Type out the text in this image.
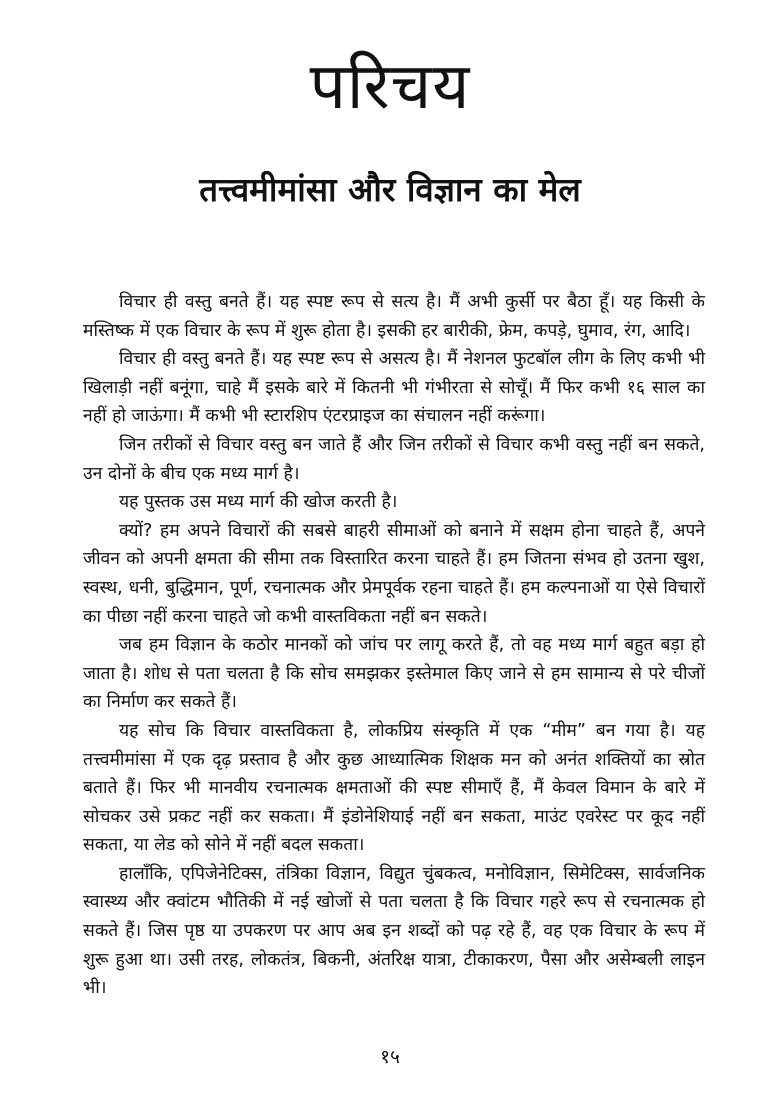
परिचय
तत्त्वमीमांसा और विज्ञान का मेल

विचार ही वस्तु बनते हैं। यह स्पष्ट रूप से सत्य है। मैं अभी कुर्सी पर बैठा हूँ। यह किसी के मस्तिष्क में एक विचार के रूप में शुरू होता है। इसकी हर बारीकी, फ्रेम, कपड़े, घुमाव, रंग, आदि।

विचार ही वस्तु बनते हैं। यह स्पष्ट रूप से असत्य है। मैं नेशनल फुटबॉल लीग के लिए कभी भी खिलाड़ी नहीं बनूंगा, चाहे मैं इसके बारे में कितनी भी गंभीरता से सोचूँ। मैं फिर कभी १६ साल का नहीं हो जाऊंगा। मैं कभी भी स्टारशिप एंटरप्राइज का संचालन नहीं करूंगा।

जिन तरीकों से विचार वस्तु बन जाते हैं और जिन तरीकों से विचार कभी वस्तु नहीं बन सकते, उन दोनों के बीच एक मध्य मार्ग है।

यह पुस्तक उस मध्य मार्ग की खोज करती है।

क्यों? हम अपने विचारों की सबसे बाहरी सीमाओं को बनाने में सक्षम होना चाहते हैं, अपने जीवन को अपनी क्षमता की सीमा तक विस्तारित करना चाहते हैं। हम जितना संभव हो उतना खुश, स्वस्थ, धनी, बुद्धिमान, पूर्ण, रचनात्मक और प्रेमपूर्वक रहना चाहते हैं। हम कल्पनाओं या ऐसे विचारों का पीछा नहीं करना चाहते जो कभी वास्तविकता नहीं बन सकते।

जब हम विज्ञान के कठोर मानकों को जांच पर लागू करते हैं, तो वह मध्य मार्ग बहुत बड़ा हो जाता है। शोध से पता चलता है कि सोच समझकर इस्तेमाल किए जाने से हम सामान्य से परे चीजों का निर्माण कर सकते हैं।

यह सोच कि विचार वास्तविकता है, लोकप्रिय संस्कृति में एक “मीम” बन गया है। यह तत्त्वमीमांसा में एक दृढ़ प्रस्ताव है और कुछ आध्यात्मिक शिक्षक मन को अनंत शक्तियों का स्रोत बताते हैं। फिर भी मानवीय रचनात्मक क्षमताओं की स्पष्ट सीमाएँ हैं, मैं केवल विमान के बारे में सोचकर उसे प्रकट नहीं कर सकता। मैं इंडोनेशियाई नहीं बन सकता, माउंट एवरेस्ट पर कूद नहीं सकता, या लेड को सोने में नहीं बदल सकता।

हालाँकि, एपिजेनेटिक्स, तंत्रिका विज्ञान, विद्युत चुंबकत्व, मनोविज्ञान, सिमेटिक्स, सार्वजनिक स्वास्थ्य और क्वांटम भौतिकी में नई खोजों से पता चलता है कि विचार गहरे रूप से रचनात्मक हो सकते हैं। जिस पृष्ठ या उपकरण पर आप अब इन शब्दों को पढ़ रहे हैं, वह एक विचार के रूप में शुरू हुआ था। उसी तरह, लोकतंत्र, बिकनी, अंतरिक्ष यात्रा, टीकाकरण, पैसा और असेम्बली लाइन भी।

१५
